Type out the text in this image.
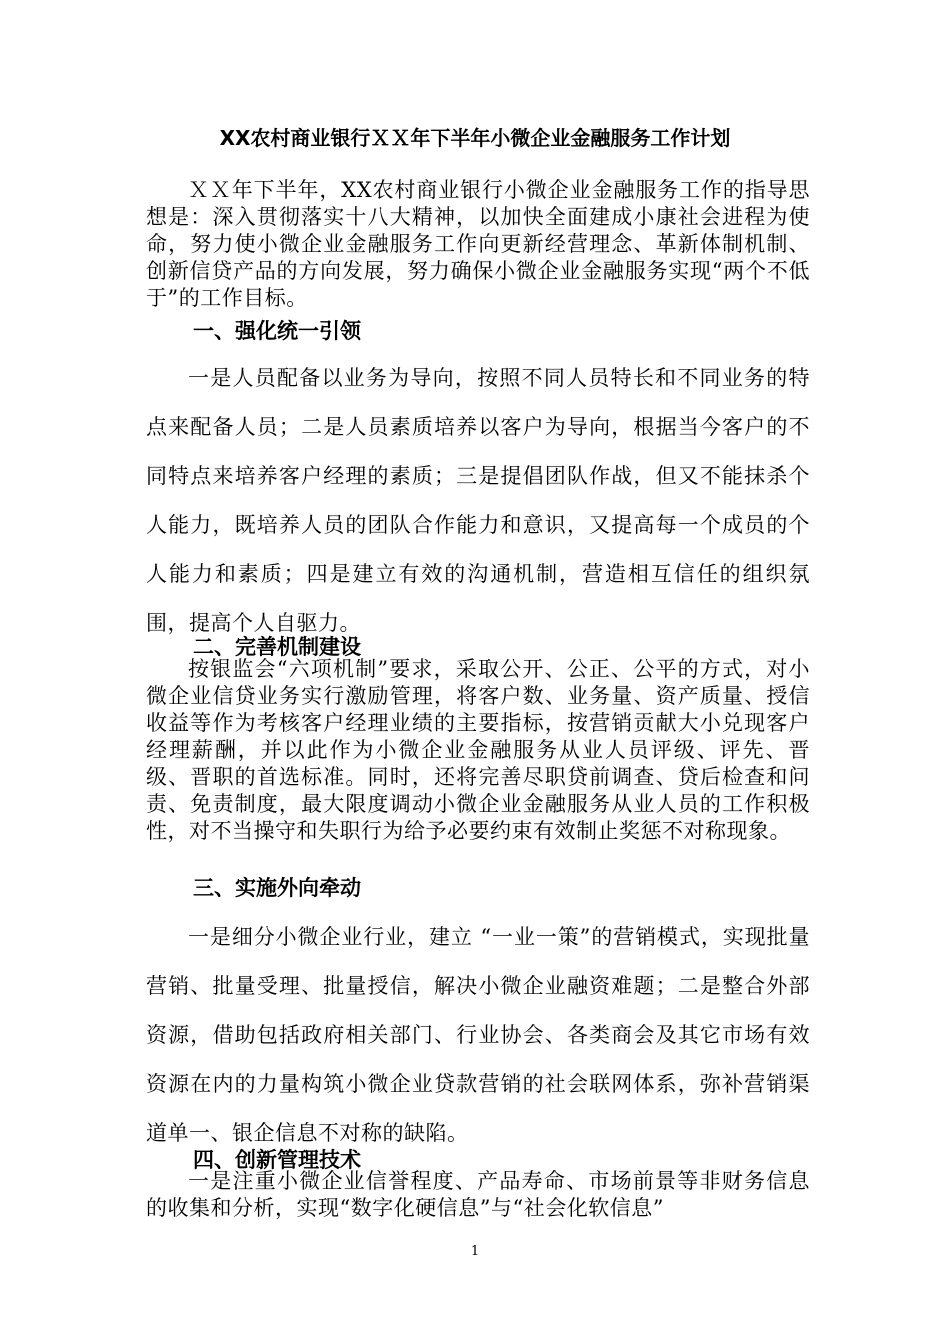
XX农村商业银行ＸＸ年下半年小微企业金融服务工作计划

ＸＸ年下半年，XX农村商业银行小微企业金融服务工作的指导思想是：深入贯彻落实十八大精神，以加快全面建成小康社会进程为使命，努力使小微企业金融服务工作向更新经营理念、革新体制机制、创新信贷产品的方向发展，努力确保小微企业金融服务实现“两个不低于”的工作目标。

一、强化统一引领

一是人员配备以业务为导向，按照不同人员特长和不同业务的特点来配备人员；二是人员素质培养以客户为导向，根据当今客户的不同特点来培养客户经理的素质；三是提倡团队作战，但又不能抹杀个人能力，既培养人员的团队合作能力和意识，又提高每一个成员的个人能力和素质；四是建立有效的沟通机制，营造相互信任的组织氛围，提高个人自驱力。

二、完善机制建设

按银监会“六项机制”要求，采取公开、公正、公平的方式，对小微企业信贷业务实行激励管理，将客户数、业务量、资产质量、授信收益等作为考核客户经理业绩的主要指标，按营销贡献大小兑现客户经理薪酬，并以此作为小微企业金融服务从业人员评级、评先、晋级、晋职的首选标准。同时，还将完善尽职贷前调查、贷后检查和问责、免责制度，最大限度调动小微企业金融服务从业人员的工作积极性，对不当操守和失职行为给予必要约束有效制止奖惩不对称现象。

三、实施外向牵动

一是细分小微企业行业，建立 “一业一策”的营销模式，实现批量营销、批量受理、批量授信，解决小微企业融资难题；二是整合外部资源，借助包括政府相关部门、行业协会、各类商会及其它市场有效资源在内的力量构筑小微企业贷款营销的社会联网体系，弥补营销渠道单一、银企信息不对称的缺陷。

四、创新管理技术

一是注重小微企业信誉程度、产品寿命、市场前景等非财务信息的收集和分析，实现“数字化硬信息”与“社会化软信息”

1
